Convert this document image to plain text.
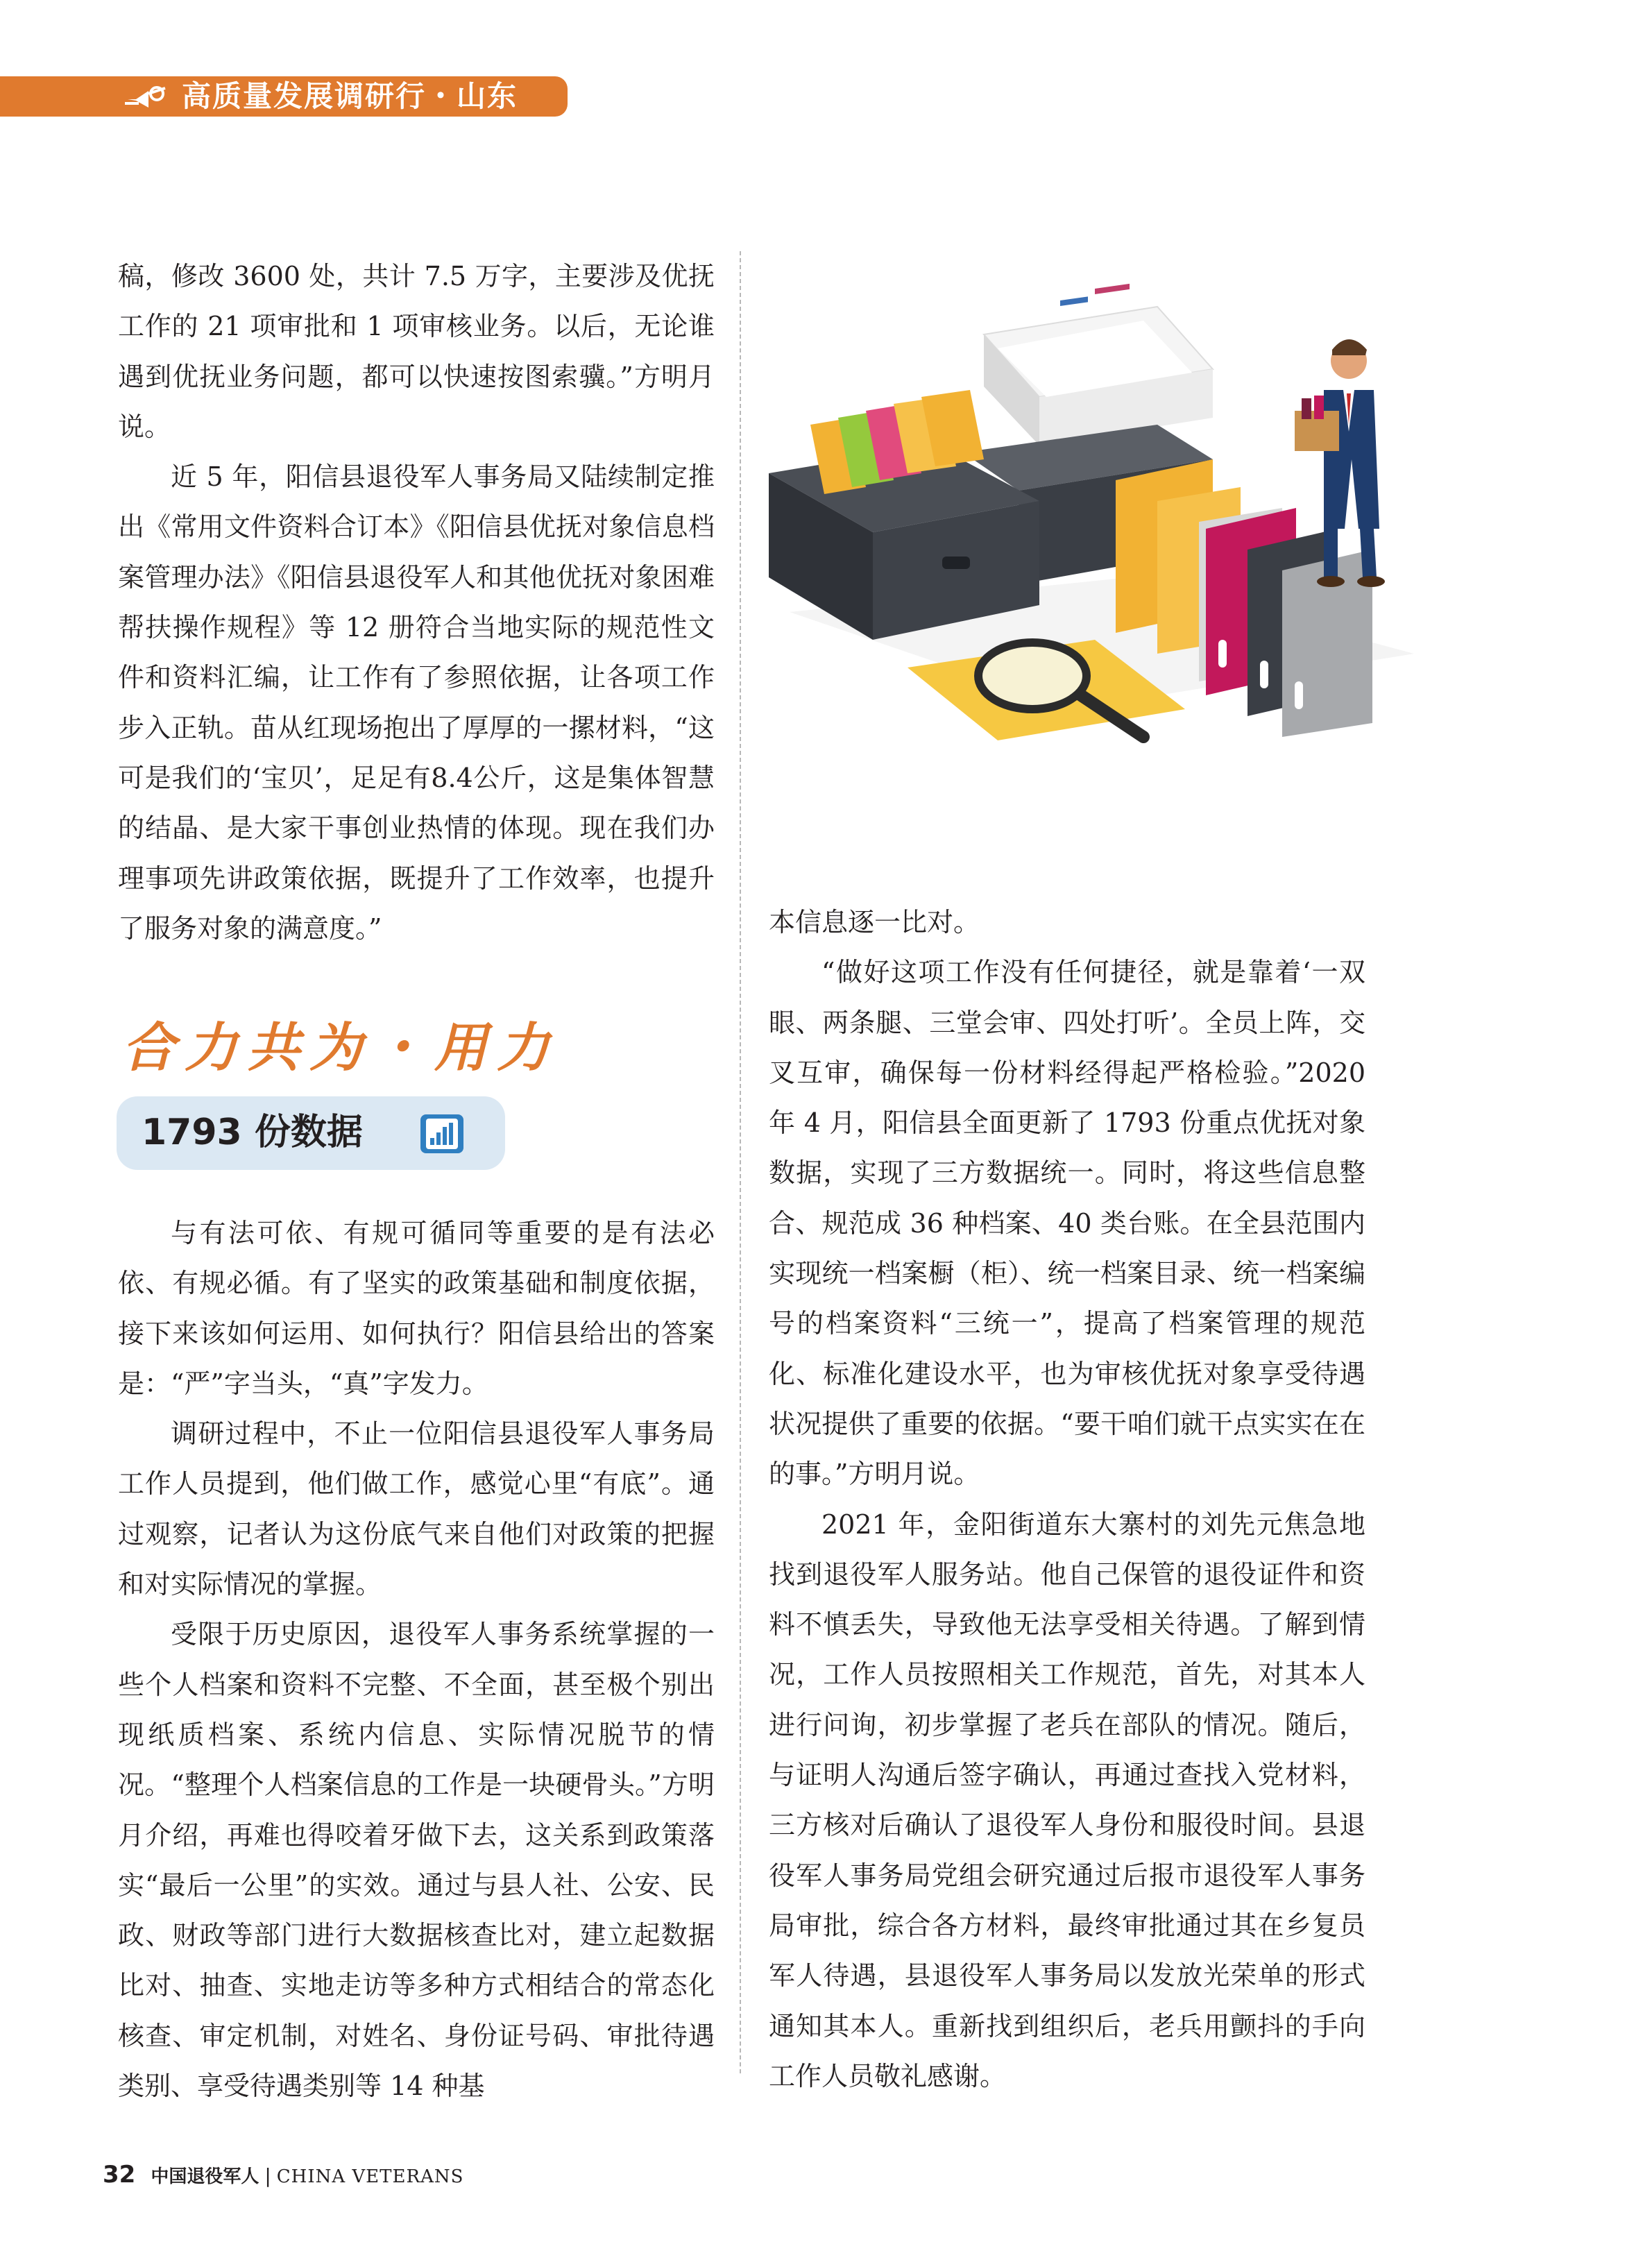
高质量发展调研行・山东

稿，修改 3600 处，共计 7.5 万字，主要涉及优抚工作的 21 项审批和 1 项审核业务。以后，无论谁遇到优抚业务问题，都可以快速按图索骥。”方明月说。

近 5 年，阳信县退役军人事务局又陆续制定推出《常用文件资料合订本》《阳信县优抚对象信息档案管理办法》《阳信县退役军人和其他优抚对象困难帮扶操作规程》等 12 册符合当地实际的规范性文件和资料汇编，让工作有了参照依据，让各项工作步入正轨。苗从红现场抱出了厚厚的一摞材料，“这可是我们的‘宝贝’，足足有8.4公斤，这是集体智慧的结晶、是大家干事创业热情的体现。现在我们办理事项先讲政策依据，既提升了工作效率，也提升了服务对象的满意度。”

合力共为・用力
1793 份数据

与有法可依、有规可循同等重要的是有法必依、有规必循。有了坚实的政策基础和制度依据，接下来该如何运用、如何执行？阳信县给出的答案是：“严”字当头，“真”字发力。

调研过程中，不止一位阳信县退役军人事务局工作人员提到，他们做工作，感觉心里“有底”。通过观察，记者认为这份底气来自他们对政策的把握和对实际情况的掌握。

受限于历史原因，退役军人事务系统掌握的一些个人档案和资料不完整、不全面，甚至极个别出现纸质档案、系统内信息、实际情况脱节的情况。“整理个人档案信息的工作是一块硬骨头。”方明月介绍，再难也得咬着牙做下去，这关系到政策落实“最后一公里”的实效。通过与县人社、公安、民政、财政等部门进行大数据核查比对，建立起数据比对、抽查、实地走访等多种方式相结合的常态化核查、审定机制，对姓名、身份证号码、审批待遇类别、享受待遇类别等 14 种基

本信息逐一比对。

“做好这项工作没有任何捷径，就是靠着‘一双眼、两条腿、三堂会审、四处打听’。全员上阵，交叉互审，确保每一份材料经得起严格检验。”2020 年 4 月，阳信县全面更新了 1793 份重点优抚对象数据，实现了三方数据统一。同时，将这些信息整合、规范成 36 种档案、40 类台账。在全县范围内实现统一档案橱（柜）、统一档案目录、统一档案编号的档案资料“三统一”，提高了档案管理的规范化、标准化建设水平，也为审核优抚对象享受待遇状况提供了重要的依据。“要干咱们就干点实实在在的事。”方明月说。

2021 年，金阳街道东大寨村的刘先元焦急地找到退役军人服务站。他自己保管的退役证件和资料不慎丢失，导致他无法享受相关待遇。了解到情况，工作人员按照相关工作规范，首先，对其本人进行问询，初步掌握了老兵在部队的情况。随后，与证明人沟通后签字确认，再通过查找入党材料，三方核对后确认了退役军人身份和服役时间。县退役军人事务局党组会研究通过后报市退役军人事务局审批，综合各方材料，最终审批通过其在乡复员军人待遇，县退役军人事务局以发放光荣单的形式通知其本人。重新找到组织后，老兵用颤抖的手向工作人员敬礼感谢。

32 中国退役军人 | CHINA VETERANS
